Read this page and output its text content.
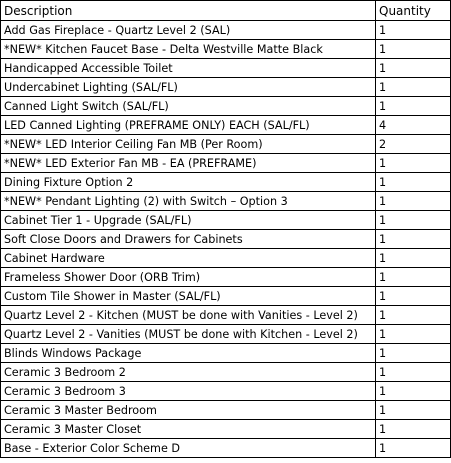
Description	Quantity
Add Gas Fireplace - Quartz Level 2 (SAL)	1
*NEW* Kitchen Faucet Base - Delta Westville Matte Black	1
Handicapped Accessible Toilet	1
Undercabinet Lighting (SAL/FL)	1
Canned Light Switch (SAL/FL)	1
LED Canned Lighting (PREFRAME ONLY) EACH (SAL/FL)	4
*NEW* LED Interior Ceiling Fan MB (Per Room)	2
*NEW* LED Exterior Fan MB - EA (PREFRAME)	1
Dining Fixture Option 2	1
*NEW* Pendant Lighting (2) with Switch – Option 3	1
Cabinet Tier 1 - Upgrade (SAL/FL)	1
Soft Close Doors and Drawers for Cabinets	1
Cabinet Hardware	1
Frameless Shower Door (ORB Trim)	1
Custom Tile Shower in Master (SAL/FL)	1
Quartz Level 2 - Kitchen (MUST be done with Vanities - Level 2)	1
Quartz Level 2 - Vanities (MUST be done with Kitchen - Level 2)	1
Blinds Windows Package	1
Ceramic 3 Bedroom 2	1
Ceramic 3 Bedroom 3	1
Ceramic 3 Master Bedroom	1
Ceramic 3 Master Closet	1
Base - Exterior Color Scheme D	1
